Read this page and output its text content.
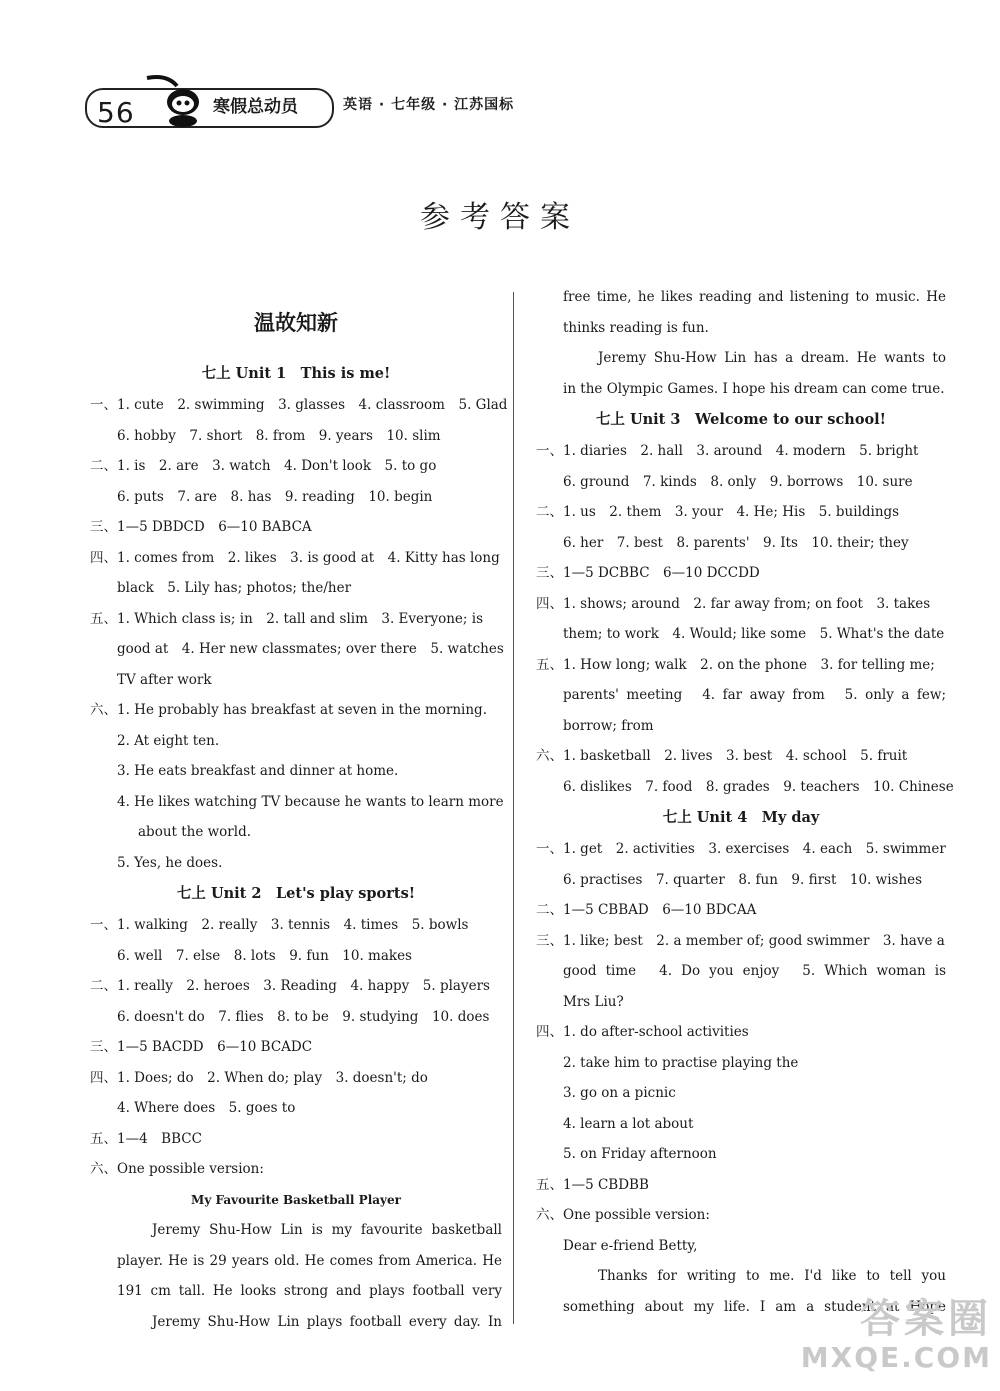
56	寒假总动员	英语 · 七年级 · 江苏国标
参考答案
温故知新
七上 Unit 1　This is me!
一、1. cute　2. swimming　3. glasses　4. classroom　5. Glad
6. hobby　7. short　8. from　9. years　10. slim
二、1. is　2. are　3. watch　4. Don't look　5. to go
6. puts　7. are　8. has　9. reading　10. begin
三、1—5 DBDCD　6—10 BABCA
四、1. comes from　2. likes　3. is good at　4. Kitty has long
black　5. Lily has; photos; the/her
五、1. Which class is; in　2. tall and slim　3. Everyone; is
good at　4. Her new classmates; over there　5. watches
TV after work
六、1. He probably has breakfast at seven in the morning.
2. At eight ten.
3. He eats breakfast and dinner at home.
4. He likes watching TV because he wants to learn more
about the world.
5. Yes, he does.
七上 Unit 2　Let's play sports!
一、1. walking　2. really　3. tennis　4. times　5. bowls
6. well　7. else　8. lots　9. fun　10. makes
二、1. really　2. heroes　3. Reading　4. happy　5. players
6. doesn't do　7. flies　8. to be　9. studying　10. does
三、1—5 BACDD　6—10 BCADC
四、1. Does; do　2. When do; play　3. doesn't; do
4. Where does　5. goes to
五、1—4　BBCC
六、One possible version:
My Favourite Basketball Player
Jeremy Shu-How Lin is my favourite basketball
player. He is 29 years old. He comes from America. He
191 cm tall. He looks strong and plays football very
Jeremy Shu-How Lin plays football every day. In
free time, he likes reading and listening to music. He
thinks reading is fun.
Jeremy Shu-How Lin has a dream. He wants to
in the Olympic Games. I hope his dream can come true.
七上 Unit 3　Welcome to our school!
一、1. diaries　2. hall　3. around　4. modern　5. bright
6. ground　7. kinds　8. only　9. borrows　10. sure
二、1. us　2. them　3. your　4. He; His　5. buildings
6. her　7. best　8. parents'　9. Its　10. their; they
三、1—5 DCBBC　6—10 DCCDD
四、1. shows; around　2. far away from; on foot　3. takes
them; to work　4. Would; like some　5. What's the date
五、1. How long; walk　2. on the phone　3. for telling me;
parents' meeting　4. far away from　5. only a few;
borrow; from
六、1. basketball　2. lives　3. best　4. school　5. fruit
6. dislikes　7. food　8. grades　9. teachers　10. Chinese
七上 Unit 4　My day
一、1. get　2. activities　3. exercises　4. each　5. swimmer
6. practises　7. quarter　8. fun　9. first　10. wishes
二、1—5 CBBAD　6—10 BDCAA
三、1. like; best　2. a member of; good swimmer　3. have a
good time　4. Do you enjoy　5. Which woman is
Mrs Liu?
四、1. do after-school activities
2. take him to practise playing the
3. go on a picnic
4. learn a lot about
5. on Friday afternoon
五、1—5 CBDBB
六、One possible version:
Dear e-friend Betty,
Thanks for writing to me. I'd like to tell you
something about my life. I am a student at Hope
答案圈
MXQE.COM
